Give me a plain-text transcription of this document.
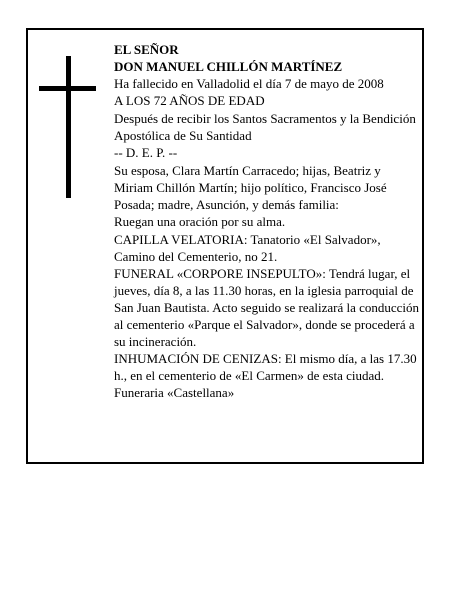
EL SEÑOR
DON MANUEL CHILLÓN MARTÍNEZ
Ha fallecido en Valladolid el día 7 de mayo de 2008
A LOS 72 AÑOS DE EDAD
Después de recibir los Santos Sacramentos y la Bendición Apostólica de Su Santidad
-- D. E. P. --
Su esposa, Clara Martín Carracedo; hijas, Beatriz y Miriam Chillón Martín; hijo político, Francisco José Posada; madre, Asunción, y demás familia:
Ruegan una oración por su alma.
CAPILLA VELATORIA: Tanatorio «El Salvador», Camino del Cementerio, no 21.
FUNERAL «CORPORE INSEPULTO»: Tendrá lugar, el jueves, día 8, a las 11.30 horas, en la iglesia parroquial de San Juan Bautista. Acto seguido se realizará la conducción al cementerio «Parque el Salvador», donde se procederá a su incineración.
INHUMACIÓN DE CENIZAS: El mismo día, a las 17.30 h., en el cementerio de «El Carmen» de esta ciudad.
Funeraria «Castellana»
